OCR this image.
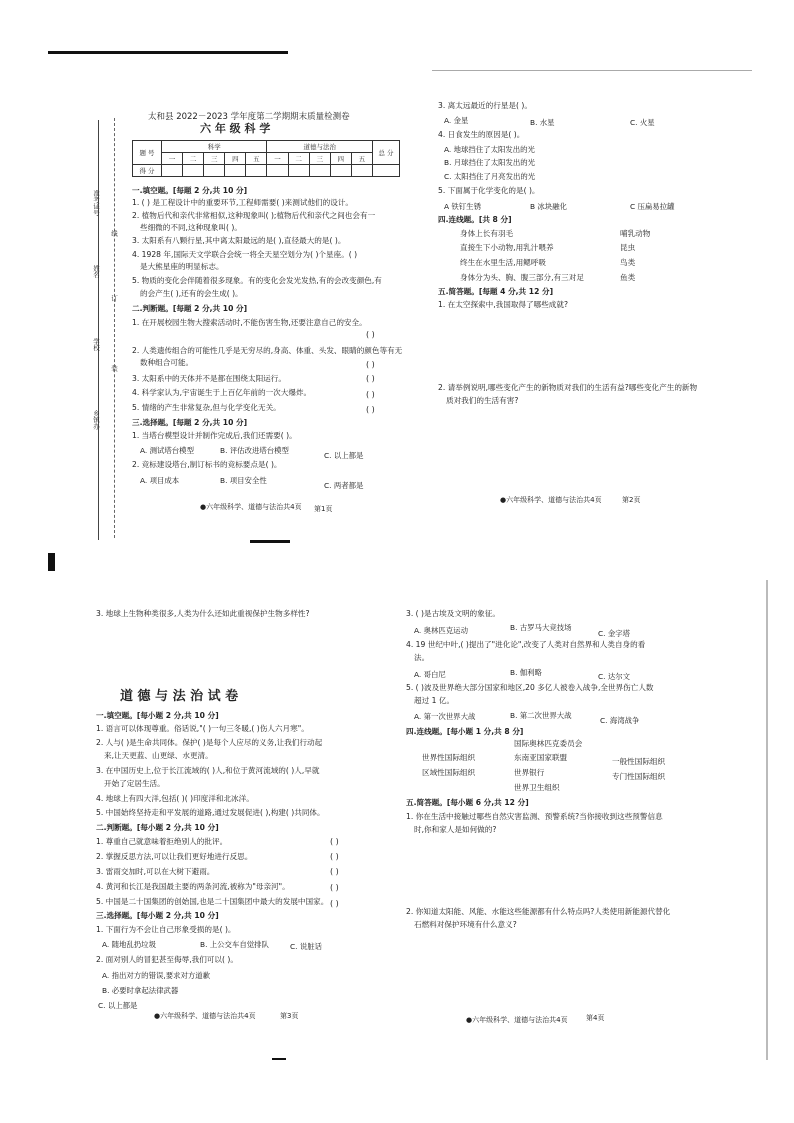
准考证号
线
姓名
订
学校
装
乡镇办
太和县 2022－2023 学年度第二学期期末质量检测卷
六 年 级 科 学
题 号	科学					道德与法治					总 分
	一	二	三	四	五	一	二	三	四	五	
得 分											
一.填空题。[每题 2 分,共 10 分]
1. ( ) 是工程设计中的重要环节,工程师需要( )来测试他们的设计。
2. 植物后代和亲代非常相似,这种现象叫( );植物后代和亲代之间也会有一
些细微的不同,这种现象叫( )。
3. 太阳系有八颗行星,其中离太阳最远的是( ),直径最大的是( )。
4. 1928 年,国际天文学联合会统一将全天星空划分为( )个星座。( )
是大熊星座的明显标志。
5. 物质的变化会伴随着很多现象。有的变化会发光发热,有的会改变颜色,有
的会产生( ),还有的会生成( )。
二.判断题。[每题 2 分,共 10 分]
1. 在开展校园生物大搜索活动时,不能伤害生物,还要注意自己的安全。
( )
2. 人类遗传组合的可能性几乎是无穷尽的,身高、体重、头发、眼睛的颜色等有无
数种组合可能。	( )
3. 太阳系中的天体并不是都在围绕太阳运行。	( )
4. 科学家认为,宇宙诞生于上百亿年前的一次大爆炸。	( )
5. 情绪的产生非常复杂,但与化学变化无关。	( )
三.选择题。[每题 2 分,共 10 分]
1. 当塔台模型设计并制作完成后,我们还需要( )。
A. 测试塔台模型	B. 评估改进塔台模型
C. 以上都是
2. 竞标建设塔台,制订标书的竞标要点是( )。
A. 项目成本	B. 项目安全性
C. 两者都是
● 六年级科学、道德与法治共4页 第1页
3. 离太远最近的行星是( )。
A. 金星	B. 水星	C. 火星
4. 日食发生的原因是( )。
A. 地球挡住了太阳发出的光
B. 月球挡住了太阳发出的光
C. 太阳挡住了月亮发出的光
5. 下面属于化学变化的是( )。
A 铁钉生锈	B 冰块融化	C 压扁易拉罐
四.连线题。[共 8 分]
身体上长有羽毛
直接生下小动物,用乳汁喂养
终生在水里生活,用鳃呼吸
身体分为头、胸、腹三部分,有三对足
哺乳动物
昆虫
鸟类
鱼类
五.简答题。[每题 4 分,共 12 分]
1. 在太空探索中,我国取得了哪些成就?
2. 请举例说明,哪些变化产生的新物质对我们的生活有益?哪些变化产生的新物
质对我们的生活有害?
● 六年级科学、道德与法治共4页	第2页
3. 地球上生物种类很多,人类为什么还如此重视保护生物多样性?
道 德 与 法 治 试 卷
一.填空题。[每小题 2 分,共 10 分]
1. 语言可以体现尊重。俗话说,"( )一句三冬暖,( )伤人六月寒"。
2. 人与( )是生命共同体。保护( )是每个人应尽的义务,让我们行动起
来,让天更蓝、山更绿、水更清。
3. 在中国历史上,位于长江流域的( )人,和位于黄河流域的( )人,早就
开始了定居生活。
4. 地球上有四大洋,包括( )( )印度洋和北冰洋。
5. 中国始终坚持走和平发展的道路,通过发展促进( ),构建( )共同体。
二.判断题。[每小题 2 分,共 10 分]
1. 尊重自己就意味着拒绝别人的批评。	( )
2. 掌握反思方法,可以让我们更好地进行反思。	( )
3. 雷雨交加时,可以在大树下避雨。	( )
4. 黄河和长江是我国最主要的两条河流,被称为"母亲河"。	( )
5. 中国是二十国集团的创始国,也是二十国集团中最大的发展中国家。 ( )
三.选择题。[每小题 2 分,共 10 分]
1. 下面行为不会让自己形象受损的是( )。
A. 随地乱扔垃圾	B. 上公交车自觉排队	C. 说脏话
2. 面对别人的冒犯甚至侮辱,我们可以( )。
A. 指出对方的错误,要求对方道歉
B. 必要时拿起法律武器
C. 以上都是
● 六年级科学、道德与法治共4页	第3页
3. ( )是古埃及文明的象征。
A. 奥林匹克运动	B. 古罗马大竞技场
C. 金字塔
4. 19 世纪中叶,( )提出了"进化论",改变了人类对自然界和人类自身的看
法。
A. 哥白尼	B. 伽利略	C. 达尔文
5. ( )波及世界绝大部分国家和地区,20 多亿人被卷入战争,全世界伤亡人数
超过 1 亿。
A. 第一次世界大战	B. 第二次世界大战
C. 海湾战争
四.连线题。[每小题 1 分,共 8 分]
国际奥林匹克委员会
世界性国际组织	东南亚国家联盟	一般性国际组织
区域性国际组织	世界银行	专门性国际组织
世界卫生组织
五.简答题。[每小题 6 分,共 12 分]
1. 你在生活中接触过哪些自然灾害监测、预警系统?当你接收到这些预警信息
时,你和家人是如何做的?
2. 你知道太阳能、风能、水能这些能源都有什么特点吗?人类使用新能源代替化
石燃料对保护环境有什么意义?
● 六年级科学、道德与法治共4页	第4页
